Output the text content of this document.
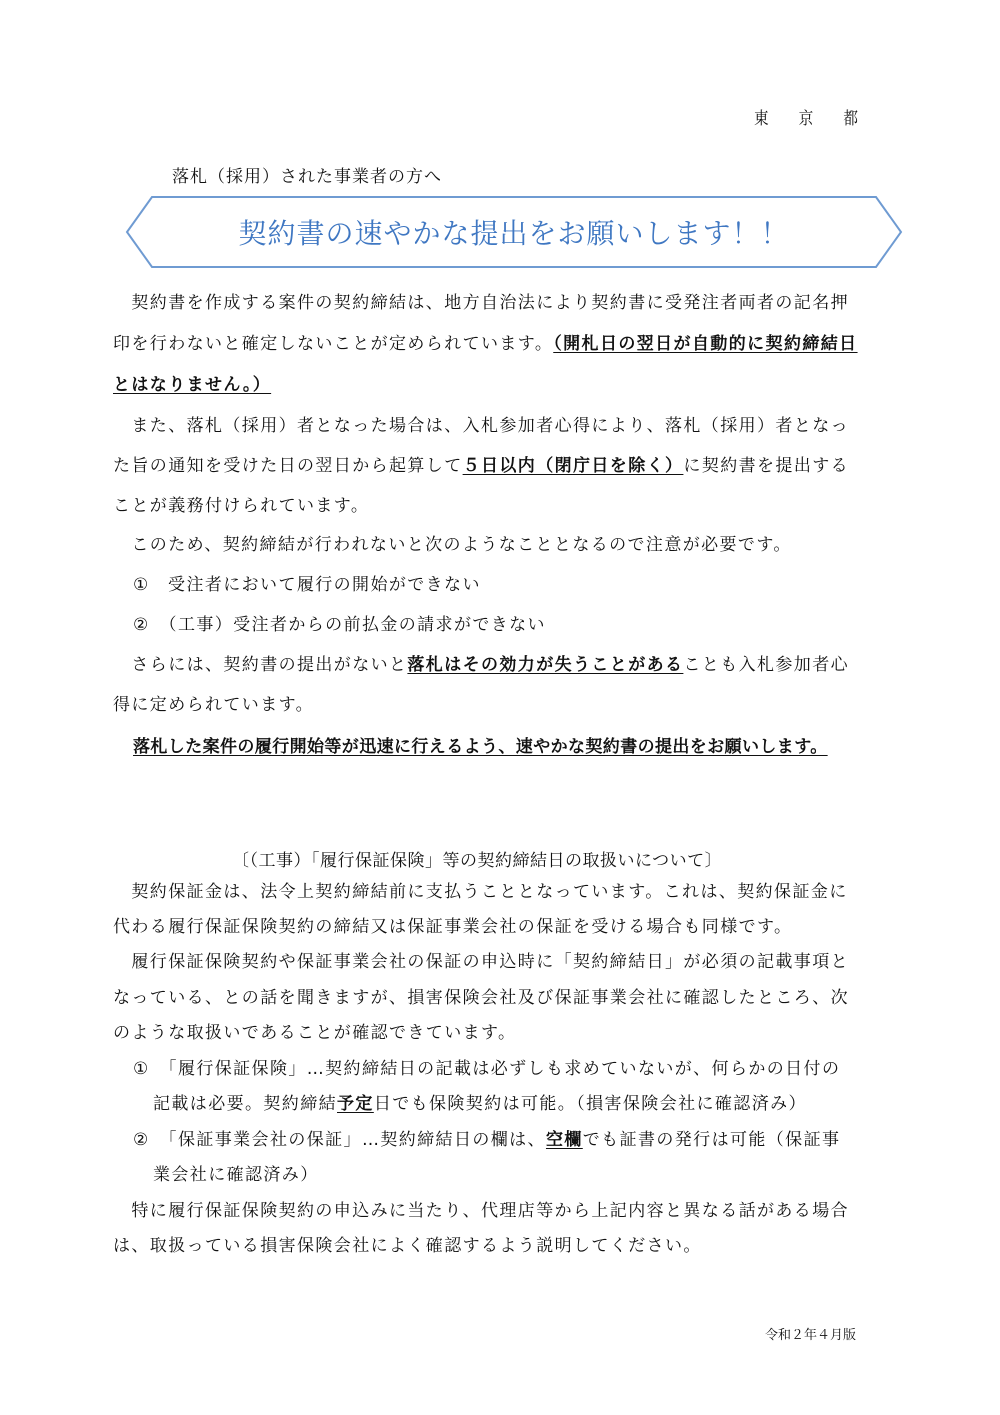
東 京 都
落札（採用）された事業者の方へ
契約書の速やかな提出をお願いします！！
　契約書を作成する案件の契約締結は、地方自治法により契約書に受発注者両者の記名押
印を行わないと確定しないことが定められています。（開札日の翌日が自動的に契約締結日
とはなりません。）
　また、落札（採用）者となった場合は、入札参加者心得により、落札（採用）者となっ
た旨の通知を受けた日の翌日から起算して５日以内（閉庁日を除く）に契約書を提出する
ことが義務付けられています。
　このため、契約締結が行われないと次のようなこととなるので注意が必要です。
①　受注者において履行の開始ができない
②　（工事）受注者からの前払金の請求ができない
　さらには、契約書の提出がないと落札はその効力が失うことがあることも入札参加者心
得に定められています。
落札した案件の履行開始等が迅速に行えるよう、速やかな契約書の提出をお願いします。
〔（工事）「履行保証保険」等の契約締結日の取扱いについて〕
　契約保証金は、法令上契約締結前に支払うこととなっています。これは、契約保証金に
代わる履行保証保険契約の締結又は保証事業会社の保証を受ける場合も同様です。
　履行保証保険契約や保証事業会社の保証の申込時に「契約締結日」が必須の記載事項と
なっている、との話を聞きますが、損害保険会社及び保証事業会社に確認したところ、次
のような取扱いであることが確認できています。
①　「履行保証保険」…契約締結日の記載は必ずしも求めていないが、何らかの日付の
記載は必要。契約締結予定日でも保険契約は可能。（損害保険会社に確認済み）
②　「保証事業会社の保証」…契約締結日の欄は、空欄でも証書の発行は可能（保証事
業会社に確認済み）
　特に履行保証保険契約の申込みに当たり、代理店等から上記内容と異なる話がある場合
は、取扱っている損害保険会社によく確認するよう説明してください。
令和２年４月版
